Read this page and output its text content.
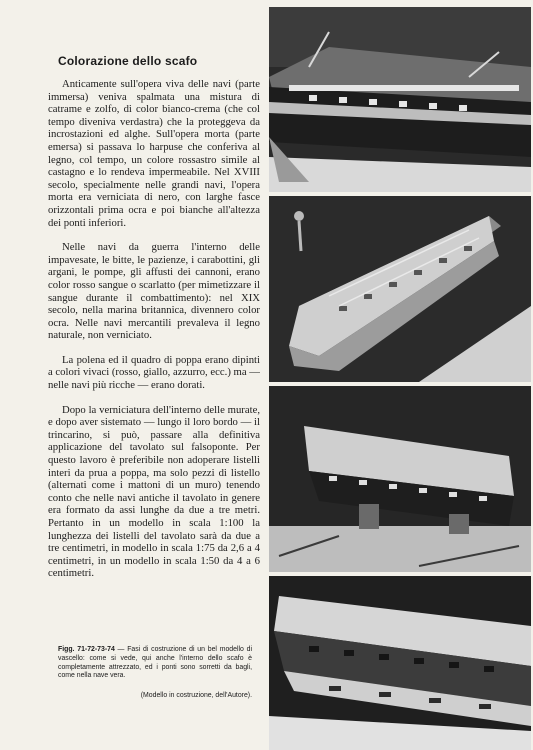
Colorazione dello scafo

Anticamente sull'opera viva delle navi (parte immersa) veniva spalmata una mistura di catrame e zolfo, di color bianco-crema (che col tempo diveniva verdastra) che la proteggeva da incrostazioni ed alghe. Sull'opera morta (parte emersa) si passava lo harpuse che conferiva al legno, col tempo, un colore rossastro simile al castagno e lo rendeva impermeabile. Nel XVIII secolo, specialmente nelle grandi navi, l'opera morta era verniciata di nero, con larghe fasce orizzontali prima ocra e poi bianche all'altezza dei ponti inferiori.

Nelle navi da guerra l'interno delle impavesate, le bitte, le pazienze, i carabottini, gli argani, le pompe, gli affusti dei cannoni, erano color rosso sangue o scarlatto (per mimetizzare il sangue durante il combattimento): nel XIX secolo, nella marina britannica, divennero color ocra. Nelle navi mercantili prevaleva il legno naturale, non verniciato.

La polena ed il quadro di poppa erano dipinti a colori vivaci (rosso, giallo, azzurro, ecc.) ma — nelle navi più ricche — erano dorati.

Dopo la verniciatura dell'interno delle murate, e dopo aver sistemato — lungo il loro bordo — il trincarino, si può, passare alla definitiva applicazione del tavolato sul falsoponte. Per questo lavoro è preferibile non adoperare listelli interi da prua a poppa, ma solo pezzi di listello (alternati come i mattoni di un muro) tenendo conto che nelle navi antiche il tavolato in genere era formato da assi lunghe da due a tre metri. Pertanto in un modello in scala 1:100 la lunghezza dei listelli del tavolato sarà da due a tre centimetri, in modello in scala 1:75 da 2,6 a 4 centimetri, in un modello in scala 1:50 da 4 a 6 centimetri.

Figg. 71-72-73-74 — Fasi di costruzione di un bel modello di vascello: come si vede, qui anche l'interno dello scafo è completamente attrezzato, ed i ponti sono sorretti da bagli, come nella nave vera.
(Modello in costruzione, dell'Autore).
